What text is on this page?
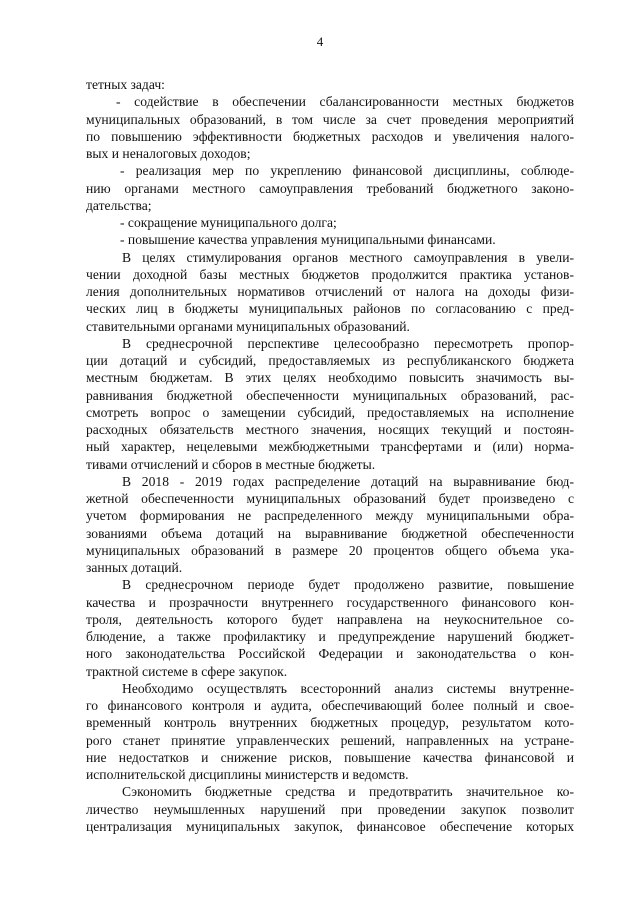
4
тетных задач:
- содействие в обеспечении сбалансированности местных бюджетов
муниципальных образований, в том числе за счет проведения мероприятий
по повышению эффективности бюджетных расходов и увеличения налого-
вых и неналоговых доходов;
- реализация мер по укреплению финансовой дисциплины, соблюде-
нию органами местного самоуправления требований бюджетного законо-
дательства;
- сокращение муниципального долга;
- повышение качества управления муниципальными финансами.
В целях стимулирования органов местного самоуправления в увели-
чении доходной базы местных бюджетов продолжится практика установ-
ления дополнительных нормативов отчислений от налога на доходы физи-
ческих лиц в бюджеты муниципальных районов по согласованию с пред-
ставительными органами муниципальных образований.
В среднесрочной перспективе целесообразно пересмотреть пропор-
ции дотаций и субсидий, предоставляемых из республиканского бюджета
местным бюджетам. В этих целях необходимо повысить значимость вы-
равнивания бюджетной обеспеченности муниципальных образований, рас-
смотреть вопрос о замещении субсидий, предоставляемых на исполнение
расходных обязательств местного значения, носящих текущий и постоян-
ный характер, нецелевыми межбюджетными трансфертами и (или) норма-
тивами отчислений и сборов в местные бюджеты.
В 2018 - 2019 годах распределение дотаций на выравнивание бюд-
жетной обеспеченности муниципальных образований будет произведено с
учетом формирования не распределенного между муниципальными обра-
зованиями объема дотаций на выравнивание бюджетной обеспеченности
муниципальных образований в размере 20 процентов общего объема ука-
занных дотаций.
В среднесрочном периоде будет продолжено развитие, повышение
качества и прозрачности внутреннего государственного финансового кон-
троля, деятельность которого будет направлена на неукоснительное со-
блюдение, а также профилактику и предупреждение нарушений бюджет-
ного законодательства Российской Федерации и законодательства о кон-
трактной системе в сфере закупок.
Необходимо осуществлять всесторонний анализ системы внутренне-
го финансового контроля и аудита, обеспечивающий более полный и свое-
временный контроль внутренних бюджетных процедур, результатом кото-
рого станет принятие управленческих решений, направленных на устране-
ние недостатков и снижение рисков, повышение качества финансовой и
исполнительской дисциплины министерств и ведомств.
Сэкономить бюджетные средства и предотвратить значительное ко-
личество неумышленных нарушений при проведении закупок позволит
централизация муниципальных закупок, финансовое обеспечение которых
